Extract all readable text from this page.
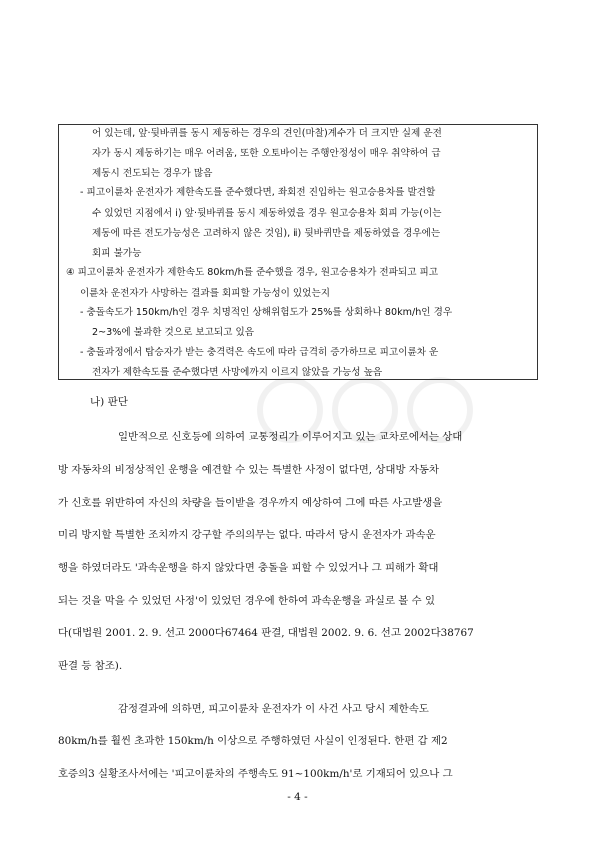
어 있는데, 앞·뒷바퀴를 동시 제동하는 경우의 견인(마찰)계수가 더 크지만 실제 운전
자가 동시 제동하기는 매우 어려움, 또한 오토바이는 주행안정성이 매우 취약하여 급
제동시 전도되는 경우가 많음
- 피고이륜차 운전자가 제한속도를 준수했다면, 좌회전 진입하는 원고승용차를 발견할
수 있었던 지점에서 ⅰ) 앞·뒷바퀴를 동시 제동하였을 경우 원고승용차 회피 가능(이는
제동에 따른 전도가능성은 고려하지 않은 것임), ⅱ) 뒷바퀴만을 제동하였을 경우에는
회피 불가능
④ 피고이륜차 운전자가 제한속도 80km/h를 준수했을 경우, 원고승용차가 전파되고 피고
이륜차 운전자가 사망하는 결과를 회피할 가능성이 있었는지
- 충돌속도가 150km/h인 경우 치명적인 상해위험도가 25%를 상회하나 80km/h인 경우
2~3%에 불과한 것으로 보고되고 있음
- 충돌과정에서 탑승자가 받는 충격력은 속도에 따라 급격히 증가하므로 피고이륜차 운
전자가 제한속도를 준수했다면 사망에까지 이르지 않았을 가능성 높음
나) 판단
일반적으로 신호등에 의하여 교통정리가 이루어지고 있는 교차로에서는 상대
방 자동차의 비정상적인 운행을 예견할 수 있는 특별한 사정이 없다면, 상대방 자동차
가 신호를 위반하여 자신의 차량을 들이받을 경우까지 예상하여 그에 따른 사고발생을
미리 방지할 특별한 조치까지 강구할 주의의무는 없다. 따라서 당시 운전자가 과속운
행을 하였더라도 '과속운행을 하지 않았다면 충돌을 피할 수 있었거나 그 피해가 확대
되는 것을 막을 수 있었던 사정'이 있었던 경우에 한하여 과속운행을 과실로 볼 수 있
다(대법원 2001. 2. 9. 선고 2000다67464 판결, 대법원 2002. 9. 6. 선고 2002다38767
판결 등 참조).
감정결과에 의하면, 피고이륜차 운전자가 이 사건 사고 당시 제한속도
80km/h를 훨씬 초과한 150km/h 이상으로 주행하였던 사실이 인정된다. 한편 갑 제2
호증의3 실황조사서에는 '피고이륜차의 주행속도 91~100km/h'로 기재되어 있으나 그
- 4 -
